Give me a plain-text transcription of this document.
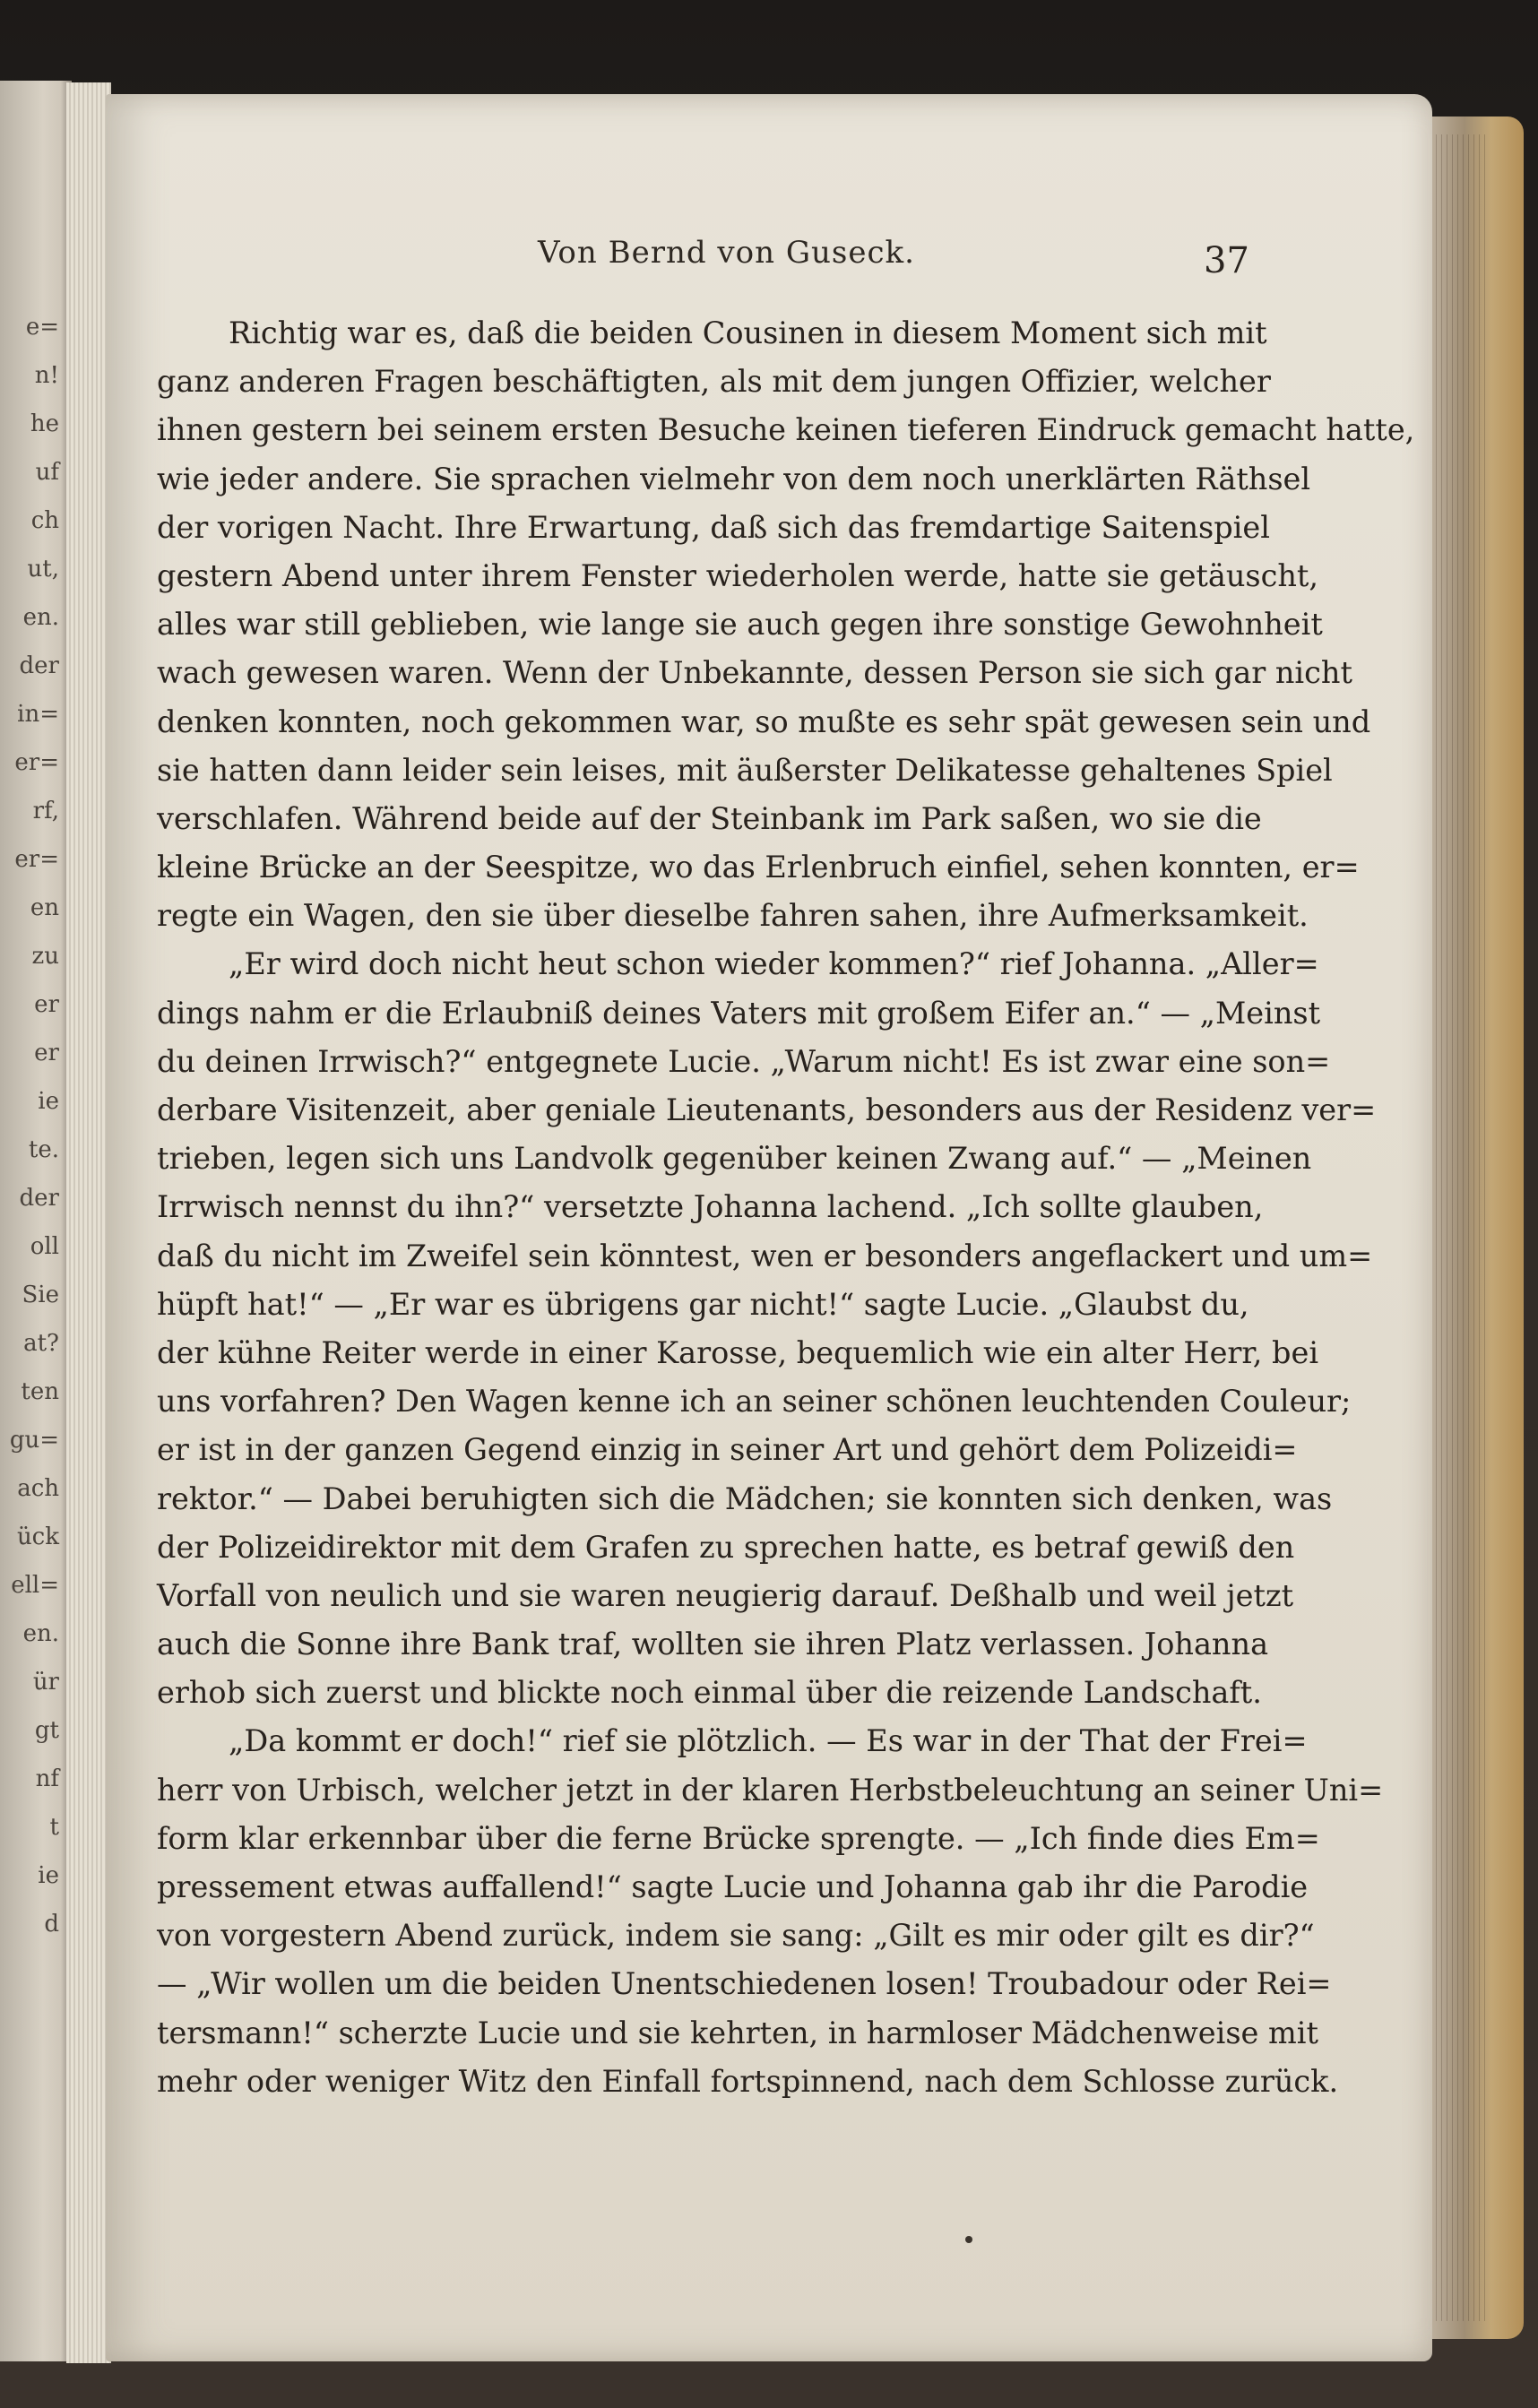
e=
n!
he
uf
ch
ut,
en.
der
in=
er=
rf,
er=
en
zu
er
er
ie
te.
der
oll
Sie
at?
ten
gu=
ach
ück
ell=
en.
ür
gt
nf
t
ie
d
Von Bernd von Guseck.	37
Richtig war es, daß die beiden Cousinen in diesem Moment sich mit
ganz anderen Fragen beschäftigten, als mit dem jungen Offizier, welcher
ihnen gestern bei seinem ersten Besuche keinen tieferen Eindruck gemacht hatte,
wie jeder andere. Sie sprachen vielmehr von dem noch unerklärten Räthsel
der vorigen Nacht. Ihre Erwartung, daß sich das fremdartige Saitenspiel
gestern Abend unter ihrem Fenster wiederholen werde, hatte sie getäuscht,
alles war still geblieben, wie lange sie auch gegen ihre sonstige Gewohnheit
wach gewesen waren. Wenn der Unbekannte, dessen Person sie sich gar nicht
denken konnten, noch gekommen war, so mußte es sehr spät gewesen sein und
sie hatten dann leider sein leises, mit äußerster Delikatesse gehaltenes Spiel
verschlafen. Während beide auf der Steinbank im Park saßen, wo sie die
kleine Brücke an der Seespitze, wo das Erlenbruch einfiel, sehen konnten, er=
regte ein Wagen, den sie über dieselbe fahren sahen, ihre Aufmerksamkeit.
„Er wird doch nicht heut schon wieder kommen?“ rief Johanna. „Aller=
dings nahm er die Erlaubniß deines Vaters mit großem Eifer an.“ — „Meinst
du deinen Irrwisch?“ entgegnete Lucie. „Warum nicht! Es ist zwar eine son=
derbare Visitenzeit, aber geniale Lieutenants, besonders aus der Residenz ver=
trieben, legen sich uns Landvolk gegenüber keinen Zwang auf.“ — „Meinen
Irrwisch nennst du ihn?“ versetzte Johanna lachend. „Ich sollte glauben,
daß du nicht im Zweifel sein könntest, wen er besonders angeflackert und um=
hüpft hat!“ — „Er war es übrigens gar nicht!“ sagte Lucie. „Glaubst du,
der kühne Reiter werde in einer Karosse, bequemlich wie ein alter Herr, bei
uns vorfahren? Den Wagen kenne ich an seiner schönen leuchtenden Couleur;
er ist in der ganzen Gegend einzig in seiner Art und gehört dem Polizeidi=
rektor.“ — Dabei beruhigten sich die Mädchen; sie konnten sich denken, was
der Polizeidirektor mit dem Grafen zu sprechen hatte, es betraf gewiß den
Vorfall von neulich und sie waren neugierig darauf. Deßhalb und weil jetzt
auch die Sonne ihre Bank traf, wollten sie ihren Platz verlassen. Johanna
erhob sich zuerst und blickte noch einmal über die reizende Landschaft.
„Da kommt er doch!“ rief sie plötzlich. — Es war in der That der Frei=
herr von Urbisch, welcher jetzt in der klaren Herbstbeleuchtung an seiner Uni=
form klar erkennbar über die ferne Brücke sprengte. — „Ich finde dies Em=
pressement etwas auffallend!“ sagte Lucie und Johanna gab ihr die Parodie
von vorgestern Abend zurück, indem sie sang: „Gilt es mir oder gilt es dir?“
— „Wir wollen um die beiden Unentschiedenen losen! Troubadour oder Rei=
tersmann!“ scherzte Lucie und sie kehrten, in harmloser Mädchenweise mit
mehr oder weniger Witz den Einfall fortspinnend, nach dem Schlosse zurück.
